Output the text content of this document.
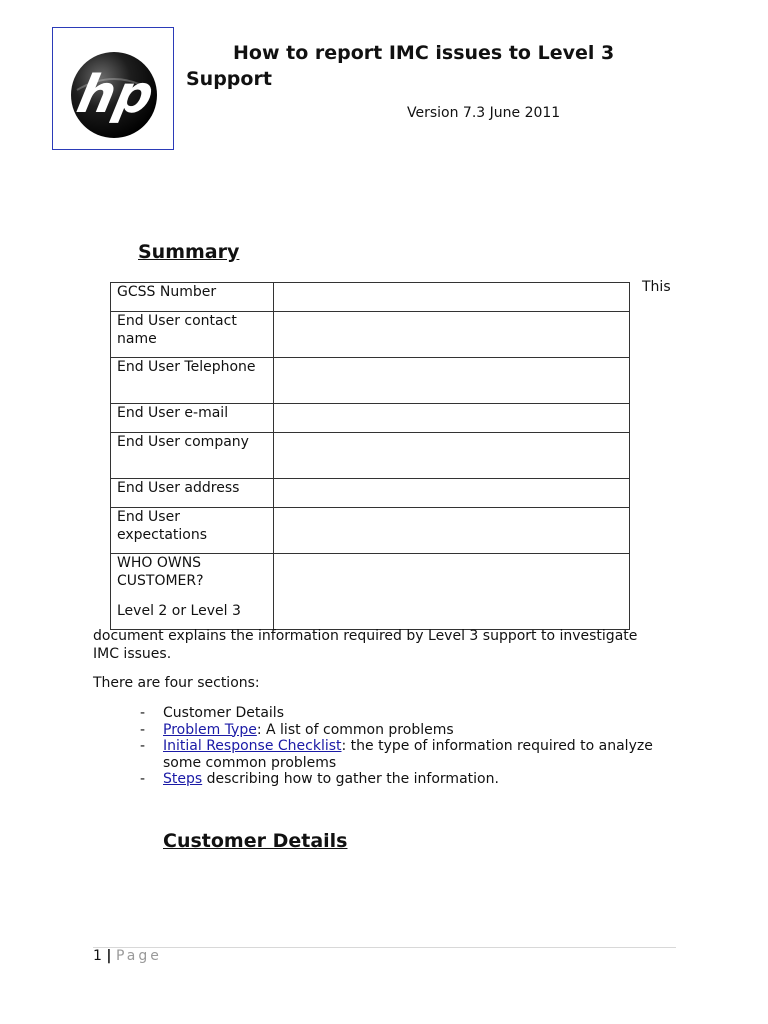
hp
How to report IMC issues to Level 3
Support
Version 7.3 June 2011
Summary
GCSS Number	
End User contact name	
End User Telephone	
End User e-mail	
End User company	
End User address	
End User expectations	

WHO OWNS CUSTOMER?
Level 2 or Level 3	

This
document explains the information required by Level 3 support to investigate IMC issues.
There are four sections:
- Customer Details
- Problem Type: A list of common problems
- Initial Response Checklist: the type of information required to analyze some common problems
- Steps describing how to gather the information.
Customer Details
1 | Page
